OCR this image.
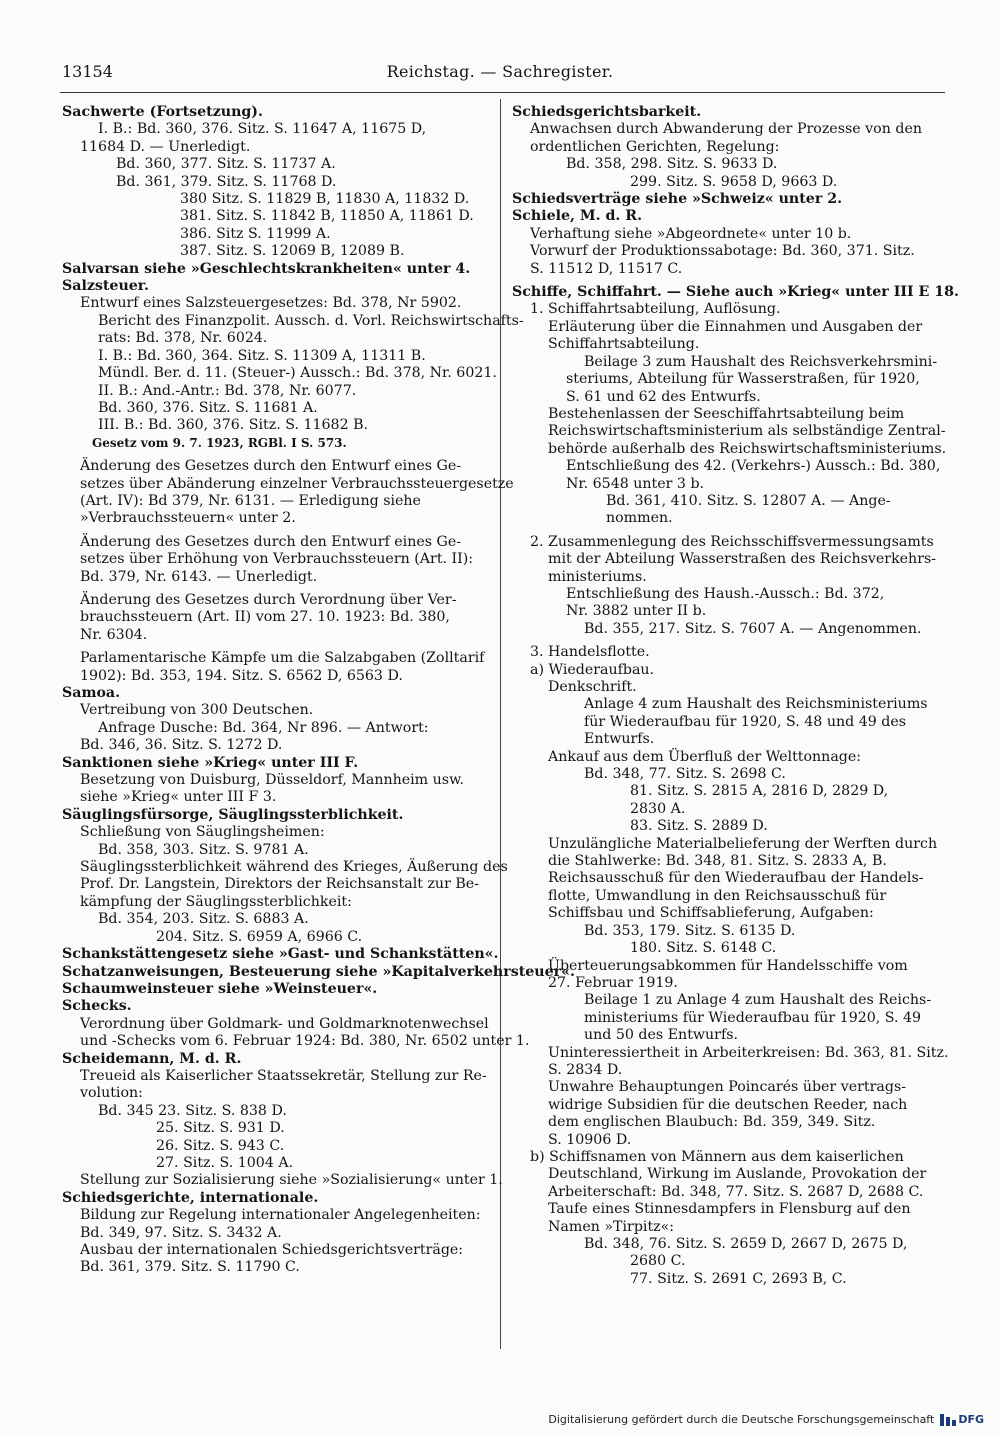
13154	Reichstag. — Sachregister.
Sachwerte (Fortsetzung).
I. B.: Bd. 360, 376. Sitz. S. 11647 A, 11675 D,
11684 D. — Unerledigt.
Bd. 360, 377. Sitz. S. 11737 A.
Bd. 361, 379. Sitz. S. 11768 D.
380 Sitz. S. 11829 B, 11830 A, 11832 D.
381. Sitz. S. 11842 B, 11850 A, 11861 D.
386. Sitz S. 11999 A.
387. Sitz. S. 12069 B, 12089 B.
Salvarsan siehe »Geschlechtskrankheiten« unter 4.
Salzsteuer.
Entwurf eines Salzsteuergesetzes: Bd. 378, Nr 5902.
Bericht des Finanzpolit. Aussch. d. Vorl. Reichswirtschafts-
rats: Bd. 378, Nr. 6024.
I. B.: Bd. 360, 364. Sitz. S. 11309 A, 11311 B.
Mündl. Ber. d. 11. (Steuer-) Aussch.: Bd. 378, Nr. 6021.
II. B.: And.-Antr.: Bd. 378, Nr. 6077.
Bd. 360, 376. Sitz. S. 11681 A.
III. B.: Bd. 360, 376. Sitz. S. 11682 B.
Gesetz vom 9. 7. 1923, RGBl. I S. 573.
Änderung des Gesetzes durch den Entwurf eines Ge-
setzes über Abänderung einzelner Verbrauchssteuergesetze
(Art. IV): Bd 379, Nr. 6131. — Erledigung siehe
»Verbrauchssteuern« unter 2.
Änderung des Gesetzes durch den Entwurf eines Ge-
setzes über Erhöhung von Verbrauchssteuern (Art. II):
Bd. 379, Nr. 6143. — Unerledigt.
Änderung des Gesetzes durch Verordnung über Ver-
brauchssteuern (Art. II) vom 27. 10. 1923: Bd. 380,
Nr. 6304.
Parlamentarische Kämpfe um die Salzabgaben (Zolltarif
1902): Bd. 353, 194. Sitz. S. 6562 D, 6563 D.
Samoa.
Vertreibung von 300 Deutschen.
Anfrage Dusche: Bd. 364, Nr 896. — Antwort:
Bd. 346, 36. Sitz. S. 1272 D.
Sanktionen siehe »Krieg« unter III F.
Besetzung von Duisburg, Düsseldorf, Mannheim usw.
siehe »Krieg« unter III F 3.
Säuglingsfürsorge, Säuglingssterblichkeit.
Schließung von Säuglingsheimen:
Bd. 358, 303. Sitz. S. 9781 A.
Säuglingssterblichkeit während des Krieges, Äußerung des
Prof. Dr. Langstein, Direktors der Reichsanstalt zur Be-
kämpfung der Säuglingssterblichkeit:
Bd. 354, 203. Sitz. S. 6883 A.
204. Sitz. S. 6959 A, 6966 C.
Schankstättengesetz siehe »Gast- und Schankstätten«.
Schatzanweisungen, Besteuerung siehe »Kapitalverkehrsteuer«.
Schaumweinsteuer siehe »Weinsteuer«.
Schecks.
Verordnung über Goldmark- und Goldmarknotenwechsel
und -Schecks vom 6. Februar 1924: Bd. 380, Nr. 6502 unter 1.
Scheidemann, M. d. R.
Treueid als Kaiserlicher Staatssekretär, Stellung zur Re-
volution:
Bd. 345 23. Sitz. S. 838 D.
25. Sitz. S. 931 D.
26. Sitz. S. 943 C.
27. Sitz. S. 1004 A.
Stellung zur Sozialisierung siehe »Sozialisierung« unter 1.
Schiedsgerichte, internationale.
Bildung zur Regelung internationaler Angelegenheiten:
Bd. 349, 97. Sitz. S. 3432 A.
Ausbau der internationalen Schiedsgerichtsverträge:
Bd. 361, 379. Sitz. S. 11790 C.
Schiedsgerichtsbarkeit.
Anwachsen durch Abwanderung der Prozesse von den
ordentlichen Gerichten, Regelung:
Bd. 358, 298. Sitz. S. 9633 D.
299. Sitz. S. 9658 D, 9663 D.
Schiedsverträge siehe »Schweiz« unter 2.
Schiele, M. d. R.
Verhaftung siehe »Abgeordnete« unter 10 b.
Vorwurf der Produktionssabotage: Bd. 360, 371. Sitz.
S. 11512 D, 11517 C.
Schiffe, Schiffahrt. — Siehe auch »Krieg« unter III E 18.
1. Schiffahrtsabteilung, Auflösung.
Erläuterung über die Einnahmen und Ausgaben der
Schiffahrtsabteilung.
Beilage 3 zum Haushalt des Reichsverkehrsmini-
steriums, Abteilung für Wasserstraßen, für 1920,
S. 61 und 62 des Entwurfs.
Bestehenlassen der Seeschiffahrtsabteilung beim
Reichswirtschaftsministerium als selbständige Zentral-
behörde außerhalb des Reichswirtschaftsministeriums.
Entschließung des 42. (Verkehrs-) Aussch.: Bd. 380,
Nr. 6548 unter 3 b.
Bd. 361, 410. Sitz. S. 12807 A. — Ange-
nommen.
2. Zusammenlegung des Reichsschiffsvermessungsamts
mit der Abteilung Wasserstraßen des Reichsverkehrs-
ministeriums.
Entschließung des Haush.-Aussch.: Bd. 372,
Nr. 3882 unter II b.
Bd. 355, 217. Sitz. S. 7607 A. — Angenommen.
3. Handelsflotte.
a) Wiederaufbau.
Denkschrift.
Anlage 4 zum Haushalt des Reichsministeriums
für Wiederaufbau für 1920, S. 48 und 49 des
Entwurfs.
Ankauf aus dem Überfluß der Welttonnage:
Bd. 348, 77. Sitz. S. 2698 C.
81. Sitz. S. 2815 A, 2816 D, 2829 D,
2830 A.
83. Sitz. S. 2889 D.
Unzulängliche Materialbelieferung der Werften durch
die Stahlwerke: Bd. 348, 81. Sitz. S. 2833 A, B.
Reichsausschuß für den Wiederaufbau der Handels-
flotte, Umwandlung in den Reichsausschuß für
Schiffsbau und Schiffsablieferung, Aufgaben:
Bd. 353, 179. Sitz. S. 6135 D.
180. Sitz. S. 6148 C.
Überteuerungsabkommen für Handelsschiffe vom
27. Februar 1919.
Beilage 1 zu Anlage 4 zum Haushalt des Reichs-
ministeriums für Wiederaufbau für 1920, S. 49
und 50 des Entwurfs.
Uninteressiertheit in Arbeiterkreisen: Bd. 363, 81. Sitz.
S. 2834 D.
Unwahre Behauptungen Poincarés über vertrags-
widrige Subsidien für die deutschen Reeder, nach
dem englischen Blaubuch: Bd. 359, 349. Sitz.
S. 10906 D.
b) Schiffsnamen von Männern aus dem kaiserlichen
Deutschland, Wirkung im Auslande, Provokation der
Arbeiterschaft: Bd. 348, 77. Sitz. S. 2687 D, 2688 C.
Taufe eines Stinnesdampfers in Flensburg auf den
Namen »Tirpitz«:
Bd. 348, 76. Sitz. S. 2659 D, 2667 D, 2675 D,
2680 C.
77. Sitz. S. 2691 C, 2693 B, C.
Digitalisierung gefördert durch die Deutsche Forschungsgemeinschaft DFG
